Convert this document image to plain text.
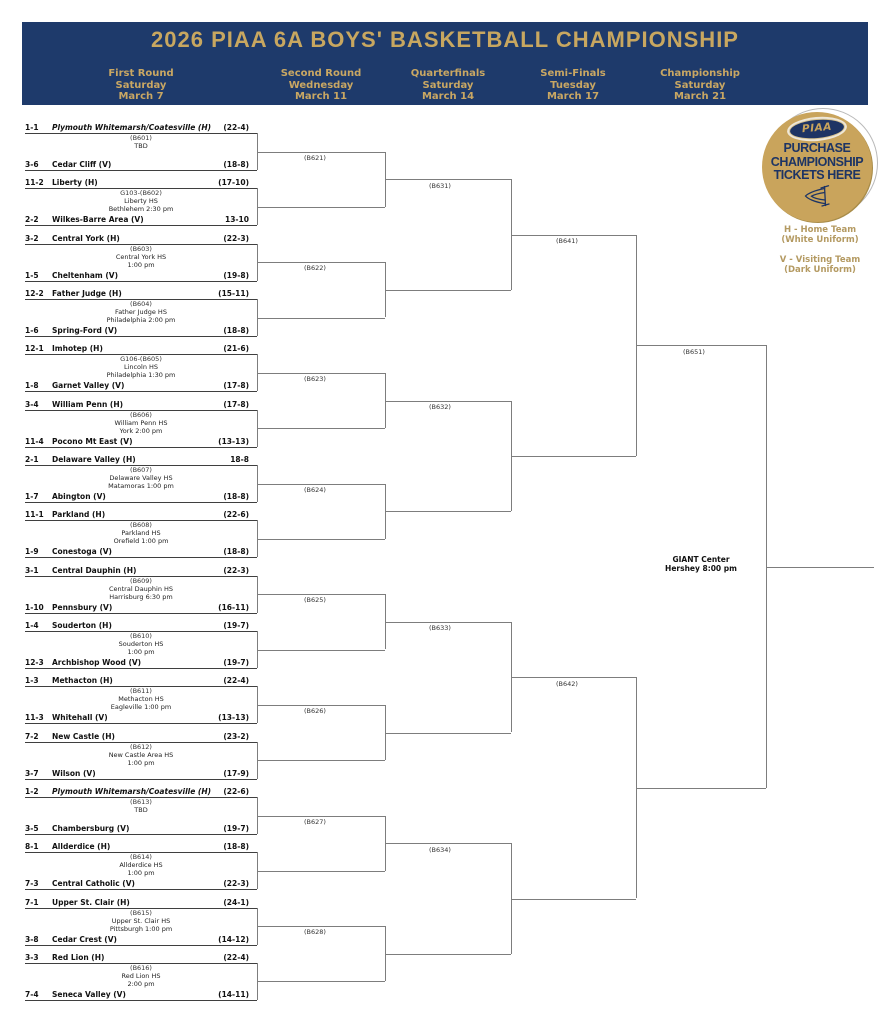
2026 PIAA 6A BOYS' BASKETBALL CHAMPIONSHIP
First Round
Saturday
March 7
Second Round
Wednesday
March 11
Quarterfinals
Saturday
March 14
Semi-Finals
Tuesday
March 17
Championship
Saturday
March 21
1-1	Plymouth Whitemarsh/Coatesville (H)	(22-4)
(B601)
TBD
3-6	Cedar Cliff (V)	(18-8)
11-2	Liberty (H)	(17-10)
G103-(B602)
Liberty HS
Bethlehem 2:30 pm
2-2	Wilkes-Barre Area (V)	13-10
3-2	Central York (H)	(22-3)
(B603)
Central York HS
1:00 pm
1-5	Cheltenham (V)	(19-8)
12-2	Father Judge (H)	(15-11)
(B604)
Father Judge HS
Philadelphia 2:00 pm
1-6	Spring-Ford (V)	(18-8)
12-1	Imhotep (H)	(21-6)
G106-(B605)
Lincoln HS
Philadelphia 1:30 pm
1-8	Garnet Valley (V)	(17-8)
3-4	William Penn (H)	(17-8)
(B606)
William Penn HS
York 2:00 pm
11-4	Pocono Mt East (V)	(13-13)
2-1	Delaware Valley (H)	18-8
(B607)
Delaware Valley HS
Matamoras 1:00 pm
1-7	Abington (V)	(18-8)
11-1	Parkland (H)	(22-6)
(B608)
Parkland HS
Orefield 1:00 pm
1-9	Conestoga (V)	(18-8)
3-1	Central Dauphin (H)	(22-3)
(B609)
Central Dauphin HS
Harrisburg 6:30 pm
1-10	Pennsbury (V)	(16-11)
1-4	Souderton (H)	(19-7)
(B610)
Souderton HS
1:00 pm
12-3	Archbishop Wood (V)	(19-7)
1-3	Methacton (H)	(22-4)
(B611)
Methacton HS
Eagleville 1:00 pm
11-3	Whitehall (V)	(13-13)
7-2	New Castle (H)	(23-2)
(B612)
New Castle Area HS
1:00 pm
3-7	Wilson (V)	(17-9)
1-2	Plymouth Whitemarsh/Coatesville (H)	(22-6)
(B613)
TBD
3-5	Chambersburg (V)	(19-7)
8-1	Allderdice (H)	(18-8)
(B614)
Allderdice HS
1:00 pm
7-3	Central Catholic (V)	(22-3)
7-1	Upper St. Clair (H)	(24-1)
(B615)
Upper St. Clair HS
Pittsburgh 1:00 pm
3-8	Cedar Crest (V)	(14-12)
3-3	Red Lion (H)	(22-4)
(B616)
Red Lion HS
2:00 pm
7-4	Seneca Valley (V)	(14-11)
(B621)
(B622)
(B623)
(B624)
(B625)
(B626)
(B627)
(B628)
(B631)
(B632)
(B633)
(B634)
(B641)
(B642)
(B651)
PIAA
PURCHASE
CHAMPIONSHIP
TICKETS HERE
H - Home Team
(White Uniform)
V - Visiting Team
(Dark Uniform)
GIANT Center
Hershey 8:00 pm
